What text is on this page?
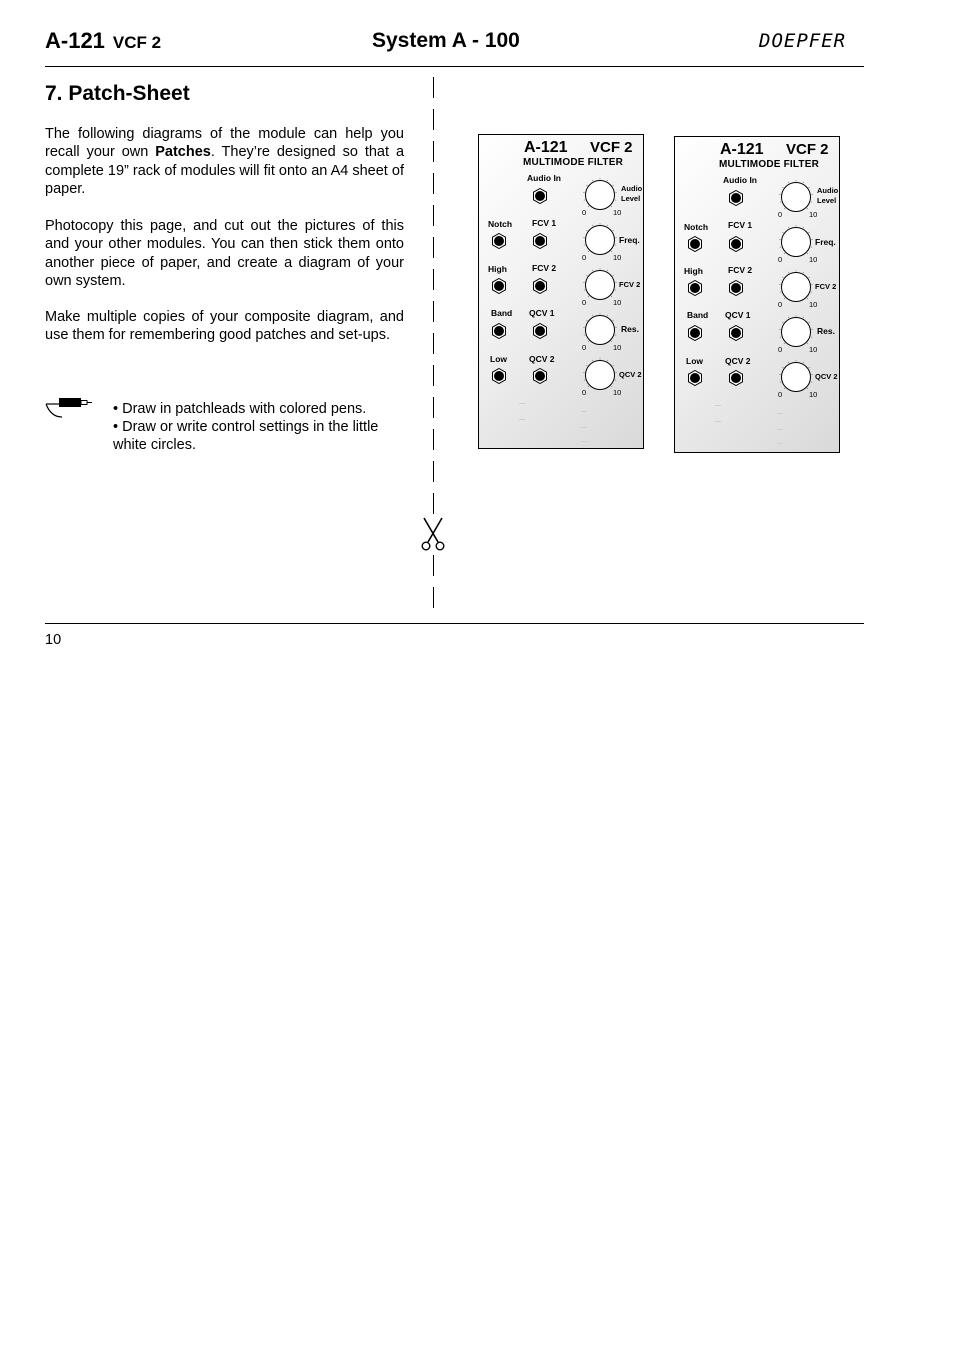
A-121 VCF 2	System A - 100	DOEPFER
7. Patch-Sheet

The following diagrams of the module can help you recall your own Patches. They’re designed so that a complete 19” rack of modules will fit onto an A4 sheet of paper.

Photocopy this page, and cut out the pictures of this and your other modules. You can then stick them onto another piece of paper, and create a diagram of your own system.

Make multiple copies of your composite diagram, and use them for remembering good patches and set-ups.

• Draw in patchleads with colored pens.
• Draw or write control settings in the little white circles.
A-121 VCF 2
MULTIMODE FILTER
Audio In
Notch FCV 1
High	FCV 2
Band QCV 1
Low	QCV 2
Audio
Level
Freq.
FCV 2
Res.
QCV 2
0	10
0	10
0	10
0	10
0	10
A-121 VCF 2
MULTIMODE FILTER
Audio In
Notch FCV 1
High	FCV 2
Band QCV 1
Low	QCV 2
Audio
Level
Freq.
FCV 2
Res.
QCV 2
0	10
0	10
0	10
0	10
0	10
10
